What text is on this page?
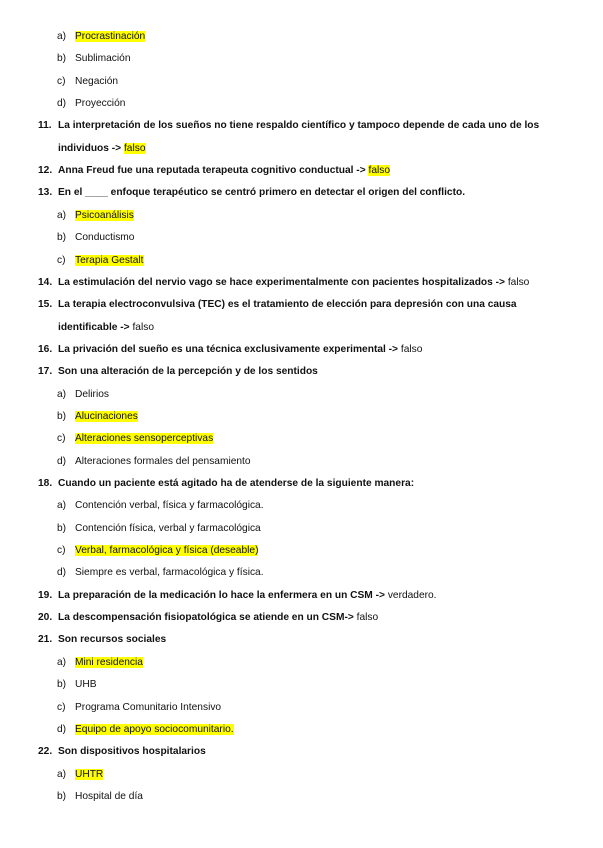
a) Procrastinación
b) Sublimación
c) Negación
d) Proyección
11. La interpretación de los sueños no tiene respaldo científico y tampoco depende de cada uno de los
individuos -> falso
12. Anna Freud fue una reputada terapeuta cognitivo conductual -> falso
13. En el ____ enfoque terapéutico se centró primero en detectar el origen del conflicto.
a) Psicoanálisis
b) Conductismo
c) Terapia Gestalt
14. La estimulación del nervio vago se hace experimentalmente con pacientes hospitalizados -> falso
15. La terapia electroconvulsiva (TEC) es el tratamiento de elección para depresión con una causa
identificable -> falso
16. La privación del sueño es una técnica exclusivamente experimental -> falso
17. Son una alteración de la percepción y de los sentidos
a) Delirios
b) Alucinaciones
c) Alteraciones sensoperceptivas
d) Alteraciones formales del pensamiento
18. Cuando un paciente está agitado ha de atenderse de la siguiente manera:
a) Contención verbal, física y farmacológica.
b) Contención física, verbal y farmacológica
c) Verbal, farmacológica y física (deseable)
d) Siempre es verbal, farmacológica y física.
19. La preparación de la medicación lo hace la enfermera en un CSM -> verdadero.
20. La descompensación fisiopatológica se atiende en un CSM-> falso
21. Son recursos sociales
a) Mini residencia
b) UHB
c) Programa Comunitario Intensivo
d) Equipo de apoyo sociocomunitario.
22. Son dispositivos hospitalarios
a) UHTR
b) Hospital de día
